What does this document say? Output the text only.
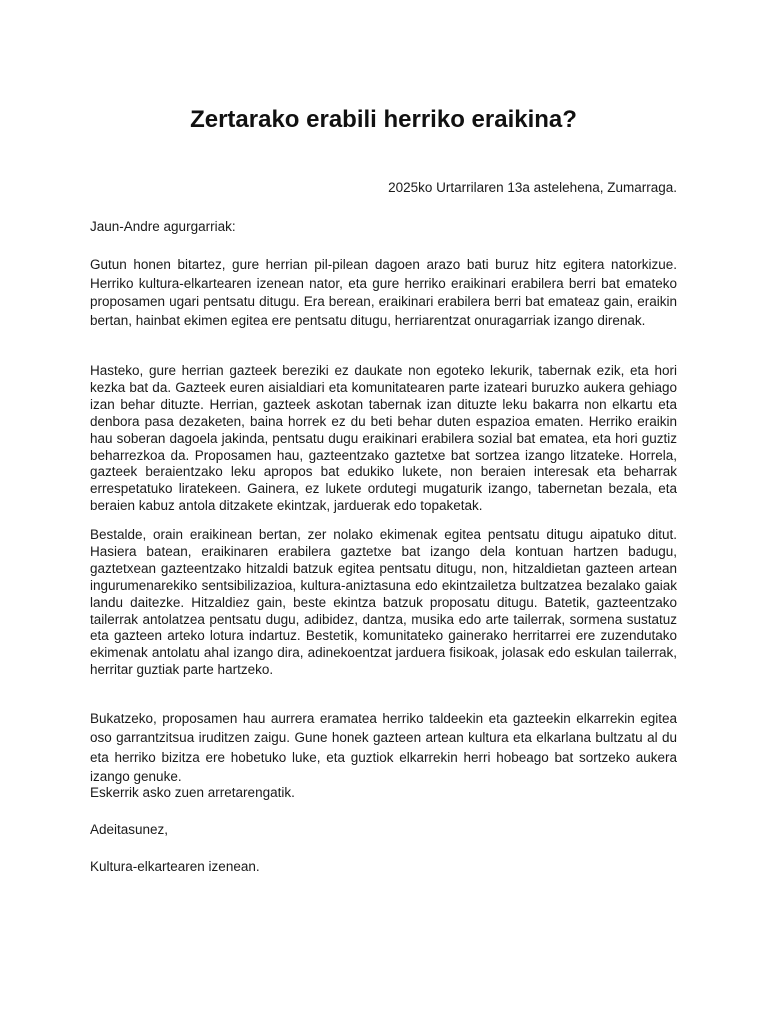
Zertarako erabili herriko eraikina?

2025ko Urtarrilaren 13a astelehena, Zumarraga.

Jaun-Andre agurgarriak:

Gutun honen bitartez, gure herrian pil-pilean dagoen arazo bati buruz hitz egitera natorkizue. Herriko kultura-elkartearen izenean nator, eta gure herriko eraikinari erabilera berri bat emateko proposamen ugari pentsatu ditugu. Era berean, eraikinari erabilera berri bat emateaz gain, eraikin bertan, hainbat ekimen egitea ere pentsatu ditugu, herriarentzat onuragarriak izango direnak.

Hasteko, gure herrian gazteek bereziki ez daukate non egoteko lekurik, tabernak ezik, eta hori kezka bat da. Gazteek euren aisialdiari eta komunitatearen parte izateari buruzko aukera gehiago izan behar dituzte. Herrian, gazteek askotan tabernak izan dituzte leku bakarra non elkartu eta denbora pasa dezaketen, baina horrek ez du beti behar duten espazioa ematen. Herriko eraikin hau soberan dagoela jakinda, pentsatu dugu eraikinari erabilera sozial bat ematea, eta hori guztiz beharrezkoa da. Proposamen hau, gazteentzako gaztetxe bat sortzea izango litzateke. Horrela, gazteek beraientzako leku apropos bat edukiko lukete, non beraien interesak eta beharrak errespetatuko liratekeen. Gainera, ez lukete ordutegi mugaturik izango, tabernetan bezala, eta beraien kabuz antola ditzakete ekintzak, jarduerak edo topaketak.

Bestalde, orain eraikinean bertan, zer nolako ekimenak egitea pentsatu ditugu aipatuko ditut. Hasiera batean, eraikinaren erabilera gaztetxe bat izango dela kontuan hartzen badugu, gaztetxean gazteentzako hitzaldi batzuk egitea pentsatu ditugu, non, hitzaldietan gazteen artean ingurumenarekiko sentsibilizazioa, kultura-aniztasuna edo ekintzailetza bultzatzea bezalako gaiak landu daitezke. Hitzaldiez gain, beste ekintza batzuk proposatu ditugu. Batetik, gazteentzako tailerrak antolatzea pentsatu dugu, adibidez, dantza, musika edo arte tailerrak, sormena sustatuz eta gazteen arteko lotura indartuz. Bestetik, komunitateko gainerako herritarrei ere zuzendutako ekimenak antolatu ahal izango dira, adinekoentzat jarduera fisikoak, jolasak edo eskulan tailerrak, herritar guztiak parte hartzeko.

Bukatzeko, proposamen hau aurrera eramatea herriko taldeekin eta gazteekin elkarrekin egitea oso garrantzitsua iruditzen zaigu. Gune honek gazteen artean kultura eta elkarlana bultzatu al du eta herriko bizitza ere hobetuko luke, eta guztiok elkarrekin herri hobeago bat sortzeko aukera izango genuke.

Eskerrik asko zuen arretarengatik.

Adeitasunez,

Kultura-elkartearen izenean.
